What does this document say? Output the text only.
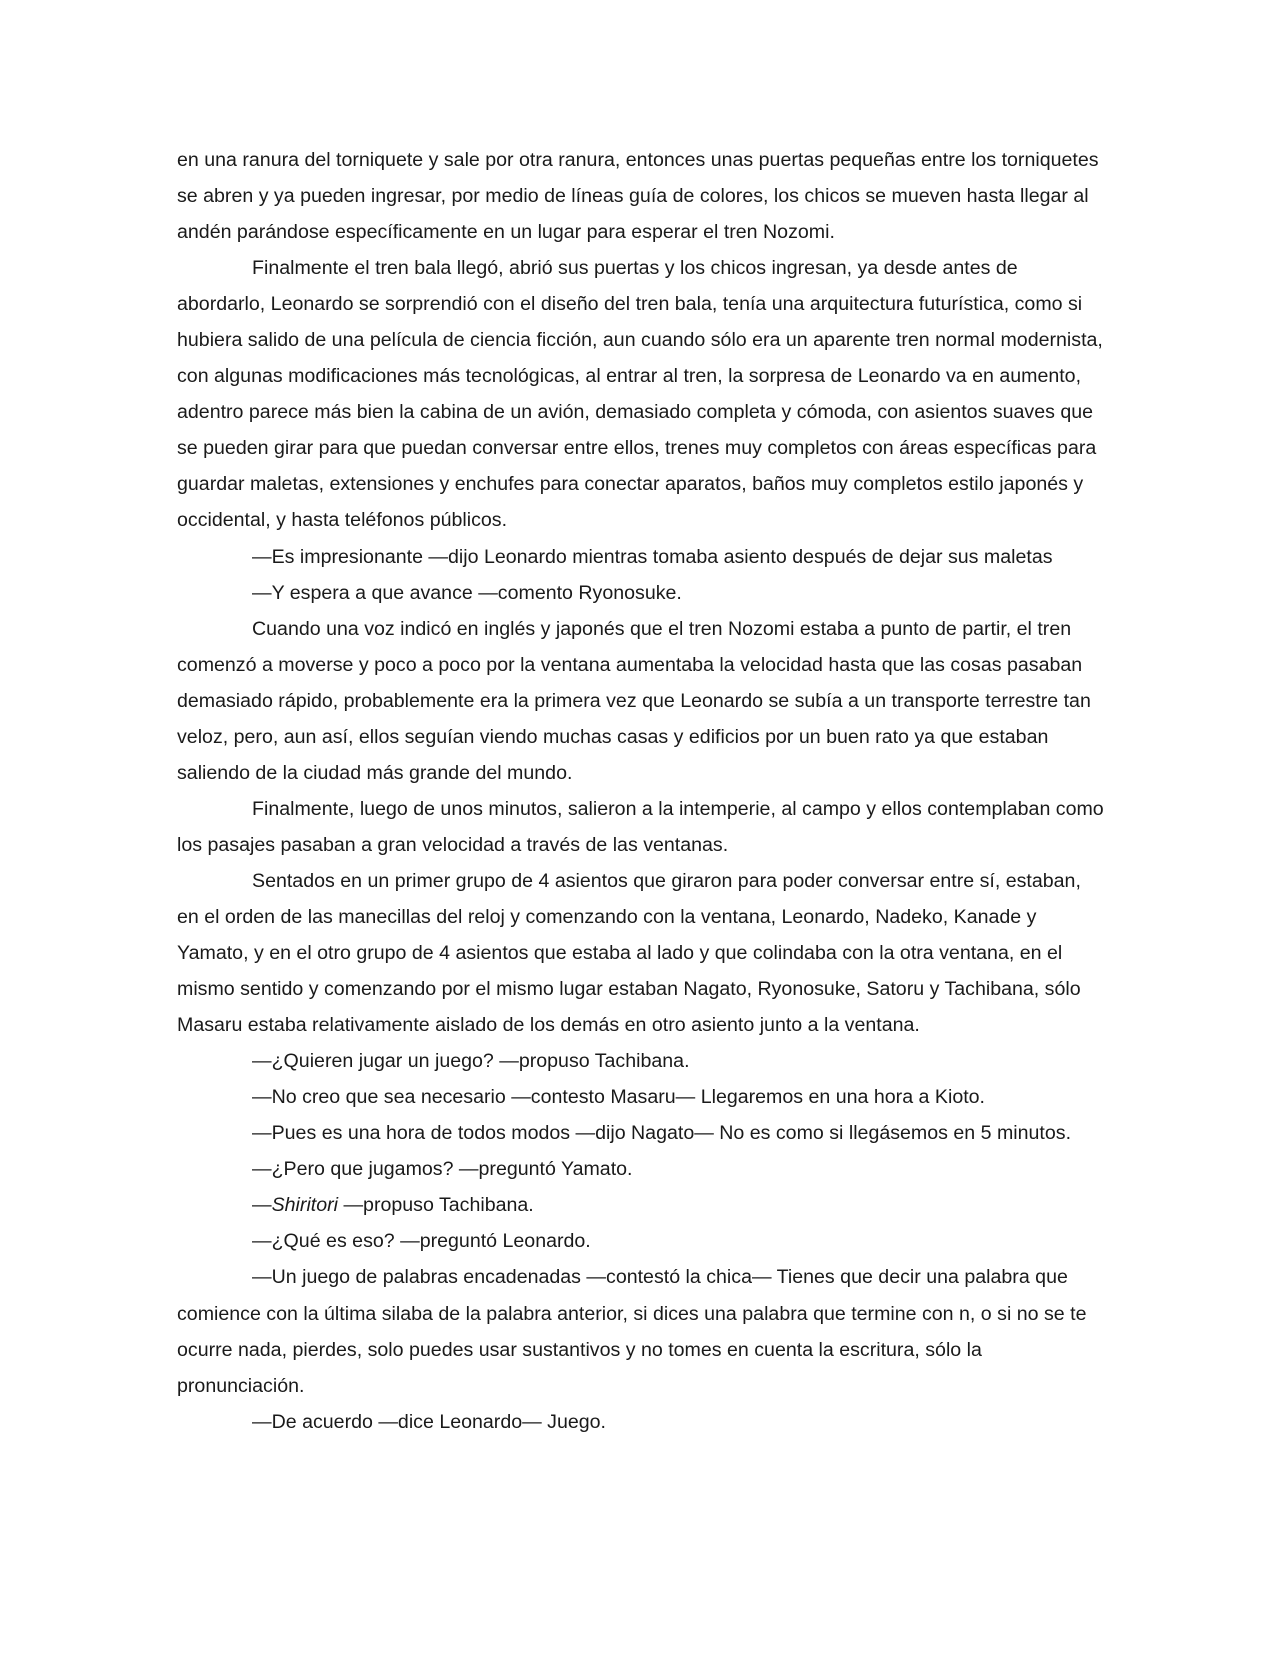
en una ranura del torniquete y sale por otra ranura, entonces unas puertas pequeñas entre los torniquetes se abren y ya pueden ingresar, por medio de líneas guía de colores, los chicos se mueven hasta llegar al andén parándose específicamente en un lugar para esperar el tren Nozomi.

Finalmente el tren bala llegó, abrió sus puertas y los chicos ingresan, ya desde antes de abordarlo, Leonardo se sorprendió con el diseño del tren bala, tenía una arquitectura futurística, como si hubiera salido de una película de ciencia ficción, aun cuando sólo era un aparente tren normal modernista, con algunas modificaciones más tecnológicas, al entrar al tren, la sorpresa de Leonardo va en aumento, adentro parece más bien la cabina de un avión, demasiado completa y cómoda, con asientos suaves que se pueden girar para que puedan conversar entre ellos, trenes muy completos con áreas específicas para guardar maletas, extensiones y enchufes para conectar aparatos, baños muy completos estilo japonés y occidental, y hasta teléfonos públicos.

—Es impresionante —dijo Leonardo mientras tomaba asiento después de dejar sus maletas

—Y espera a que avance —comento Ryonosuke.

Cuando una voz indicó en inglés y japonés que el tren Nozomi estaba a punto de partir, el tren comenzó a moverse y poco a poco por la ventana aumentaba la velocidad hasta que las cosas pasaban demasiado rápido, probablemente era la primera vez que Leonardo se subía a un transporte terrestre tan veloz, pero, aun así, ellos seguían viendo muchas casas y edificios por un buen rato ya que estaban saliendo de la ciudad más grande del mundo.

Finalmente, luego de unos minutos, salieron a la intemperie, al campo y ellos contemplaban como los pasajes pasaban a gran velocidad a través de las ventanas.

Sentados en un primer grupo de 4 asientos que giraron para poder conversar entre sí, estaban, en el orden de las manecillas del reloj y comenzando con la ventana, Leonardo, Nadeko, Kanade y Yamato, y en el otro grupo de 4 asientos que estaba al lado y que colindaba con la otra ventana, en el mismo sentido y comenzando por el mismo lugar estaban Nagato, Ryonosuke, Satoru y Tachibana, sólo Masaru estaba relativamente aislado de los demás en otro asiento junto a la ventana.

—¿Quieren jugar un juego? —propuso Tachibana.

—No creo que sea necesario —contesto Masaru— Llegaremos en una hora a Kioto.

—Pues es una hora de todos modos —dijo Nagato— No es como si llegásemos en 5 minutos.

—¿Pero que jugamos? —preguntó Yamato.

—Shiritori —propuso Tachibana.

—¿Qué es eso? —preguntó Leonardo.

—Un juego de palabras encadenadas —contestó la chica— Tienes que decir una palabra que comience con la última silaba de la palabra anterior, si dices una palabra que termine con n, o si no se te ocurre nada, pierdes, solo puedes usar sustantivos y no tomes en cuenta la escritura, sólo la pronunciación.

—De acuerdo —dice Leonardo— Juego.
